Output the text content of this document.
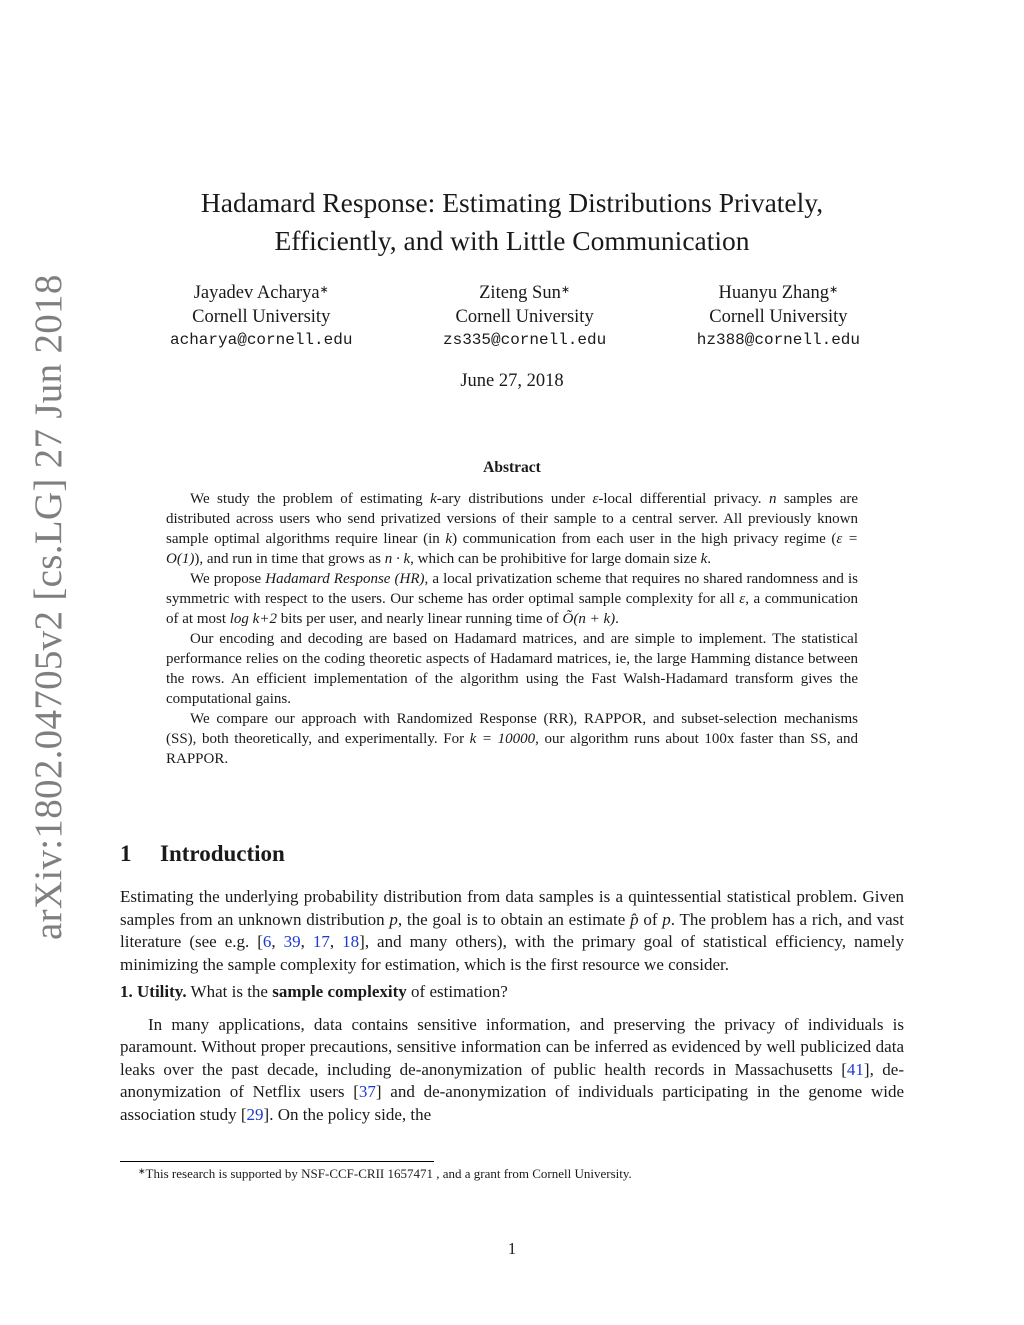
arXiv:1802.04705v2 [cs.LG] 27 Jun 2018
Hadamard Response: Estimating Distributions Privately,
Efficiently, and with Little Communication
Jayadev Acharya∗
Cornell University
acharya@cornell.edu
Ziteng Sun∗
Cornell University
zs335@cornell.edu
Huanyu Zhang∗
Cornell University
hz388@cornell.edu
June 27, 2018
Abstract

We study the problem of estimating k-ary distributions under ε-local differential privacy. n samples are distributed across users who send privatized versions of their sample to a central server. All previously known sample optimal algorithms require linear (in k) communication from each user in the high privacy regime (ε = O(1)), and run in time that grows as n · k, which can be prohibitive for large domain size k.

We propose Hadamard Response (HR), a local privatization scheme that requires no shared randomness and is symmetric with respect to the users. Our scheme has order optimal sample complexity for all ε, a communication of at most log k+2 bits per user, and nearly linear running time of Õ(n + k).

Our encoding and decoding are based on Hadamard matrices, and are simple to implement. The statistical performance relies on the coding theoretic aspects of Hadamard matrices, ie, the large Hamming distance between the rows. An efficient implementation of the algorithm using the Fast Walsh-Hadamard transform gives the computational gains.

We compare our approach with Randomized Response (RR), RAPPOR, and subset-selection mechanisms (SS), both theoretically, and experimentally. For k = 10000, our algorithm runs about 100x faster than SS, and RAPPOR.

1 Introduction

Estimating the underlying probability distribution from data samples is a quintessential statistical problem. Given samples from an unknown distribution p, the goal is to obtain an estimate p̂ of p. The problem has a rich, and vast literature (see e.g. [6, 39, 17, 18], and many others), with the primary goal of statistical efficiency, namely minimizing the sample complexity for estimation, which is the first resource we consider.

1. Utility. What is the sample complexity of estimation?

In many applications, data contains sensitive information, and preserving the privacy of individuals is paramount. Without proper precautions, sensitive information can be inferred as evidenced by well publicized data leaks over the past decade, including de-anonymization of public health records in Massachusetts [41], de-anonymization of Netflix users [37] and de-anonymization of individuals participating in the genome wide association study [29]. On the policy side, the

∗This research is supported by NSF-CCF-CRII 1657471 , and a grant from Cornell University.
1
